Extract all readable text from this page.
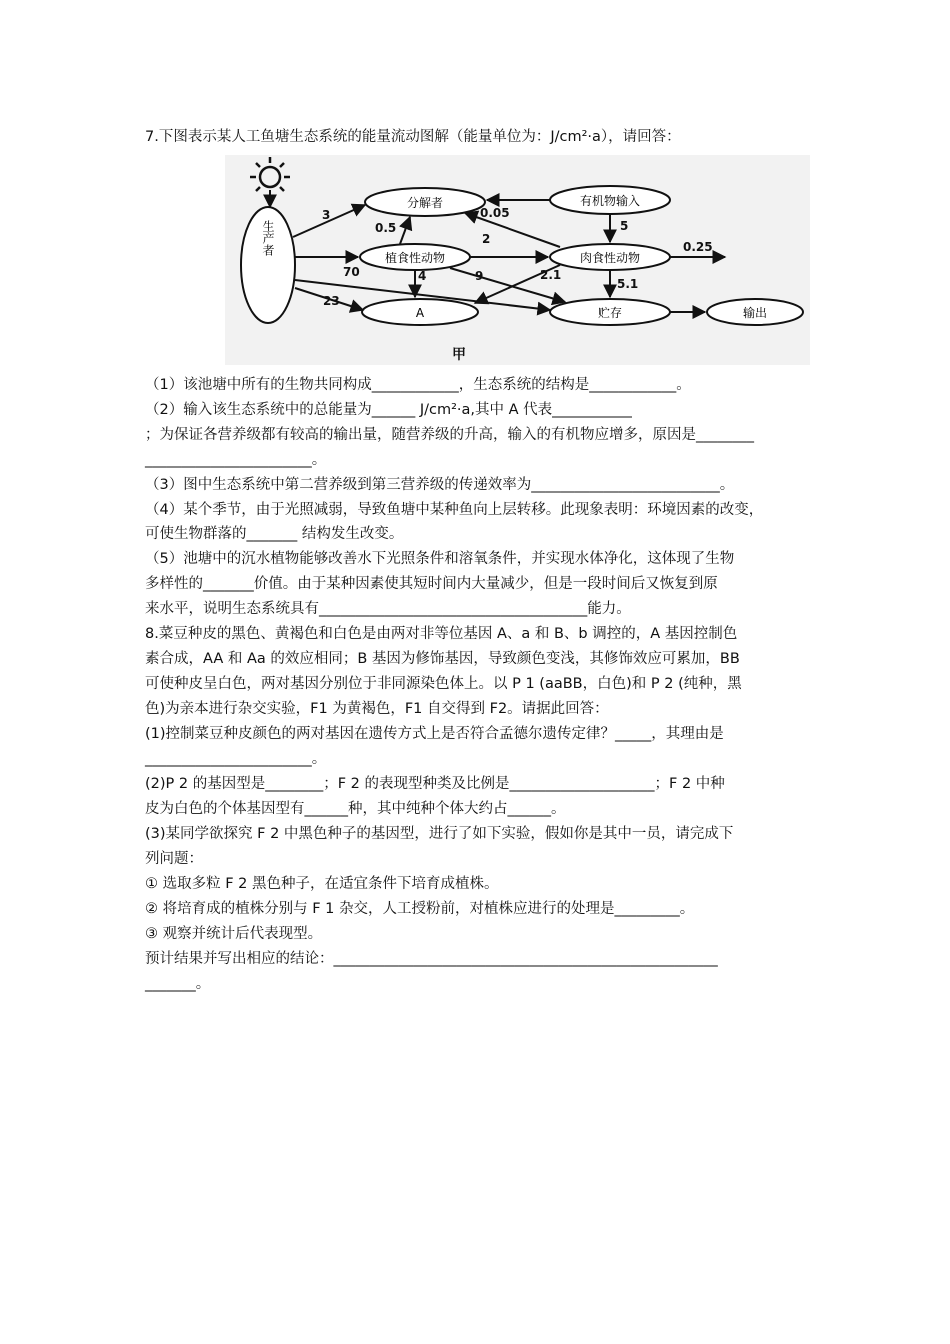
7.下图表示某人工鱼塘生态系统的能量流动图解（能量单位为：J/cm²·a），请回答：
生产者
分解者	有机物输入
植食性动物	肉食性动物
A	贮存	输出
3
0.5
0.05
2
5
0.25
70	4	9	2.1
5.1
23
甲
（1）该池塘中所有的生物共同构成____________，生态系统的结构是____________。
（2）输入该生态系统中的总能量为______ J/cm²·a,其中 A 代表___________
；为保证各营养级都有较高的输出量，随营养级的升高，输入的有机物应增多，原因是________
_______________________。
（3）图中生态系统中第二营养级到第三营养级的传递效率为__________________________。
（4）某个季节，由于光照减弱，导致鱼塘中某种鱼向上层转移。此现象表明：环境因素的改变，
可使生物群落的_______ 结构发生改变。
（5）池塘中的沉水植物能够改善水下光照条件和溶氧条件，并实现水体净化，这体现了生物
多样性的_______价值。由于某种因素使其短时间内大量减少，但是一段时间后又恢复到原
来水平，说明生态系统具有_____________________________________能力。
8.菜豆种皮的黑色、黄褐色和白色是由两对非等位基因 A、a 和 B、b 调控的，A 基因控制色
素合成，AA 和 Aa 的效应相同；B 基因为修饰基因，导致颜色变浅，其修饰效应可累加，BB
可使种皮呈白色，两对基因分别位于非同源染色体上。以 P 1 (aaBB，白色)和 P 2 (纯种，黑
色)为亲本进行杂交实验，F1 为黄褐色，F1 自交得到 F2。请据此回答：
(1)控制菜豆种皮颜色的两对基因在遗传方式上是否符合孟德尔遗传定律？_____，其理由是
_______________________。
(2)P 2 的基因型是________；F 2 的表现型种类及比例是____________________；F 2 中种
皮为白色的个体基因型有______种，其中纯种个体大约占______。
(3)某同学欲探究 F 2 中黑色种子的基因型，进行了如下实验，假如你是其中一员，请完成下
列问题：
① 选取多粒 F 2 黑色种子，在适宜条件下培育成植株。
② 将培育成的植株分别与 F 1 杂交，人工授粉前，对植株应进行的处理是_________。
③ 观察并统计后代表现型。
预计结果并写出相应的结论：_____________________________________________________
_______。
